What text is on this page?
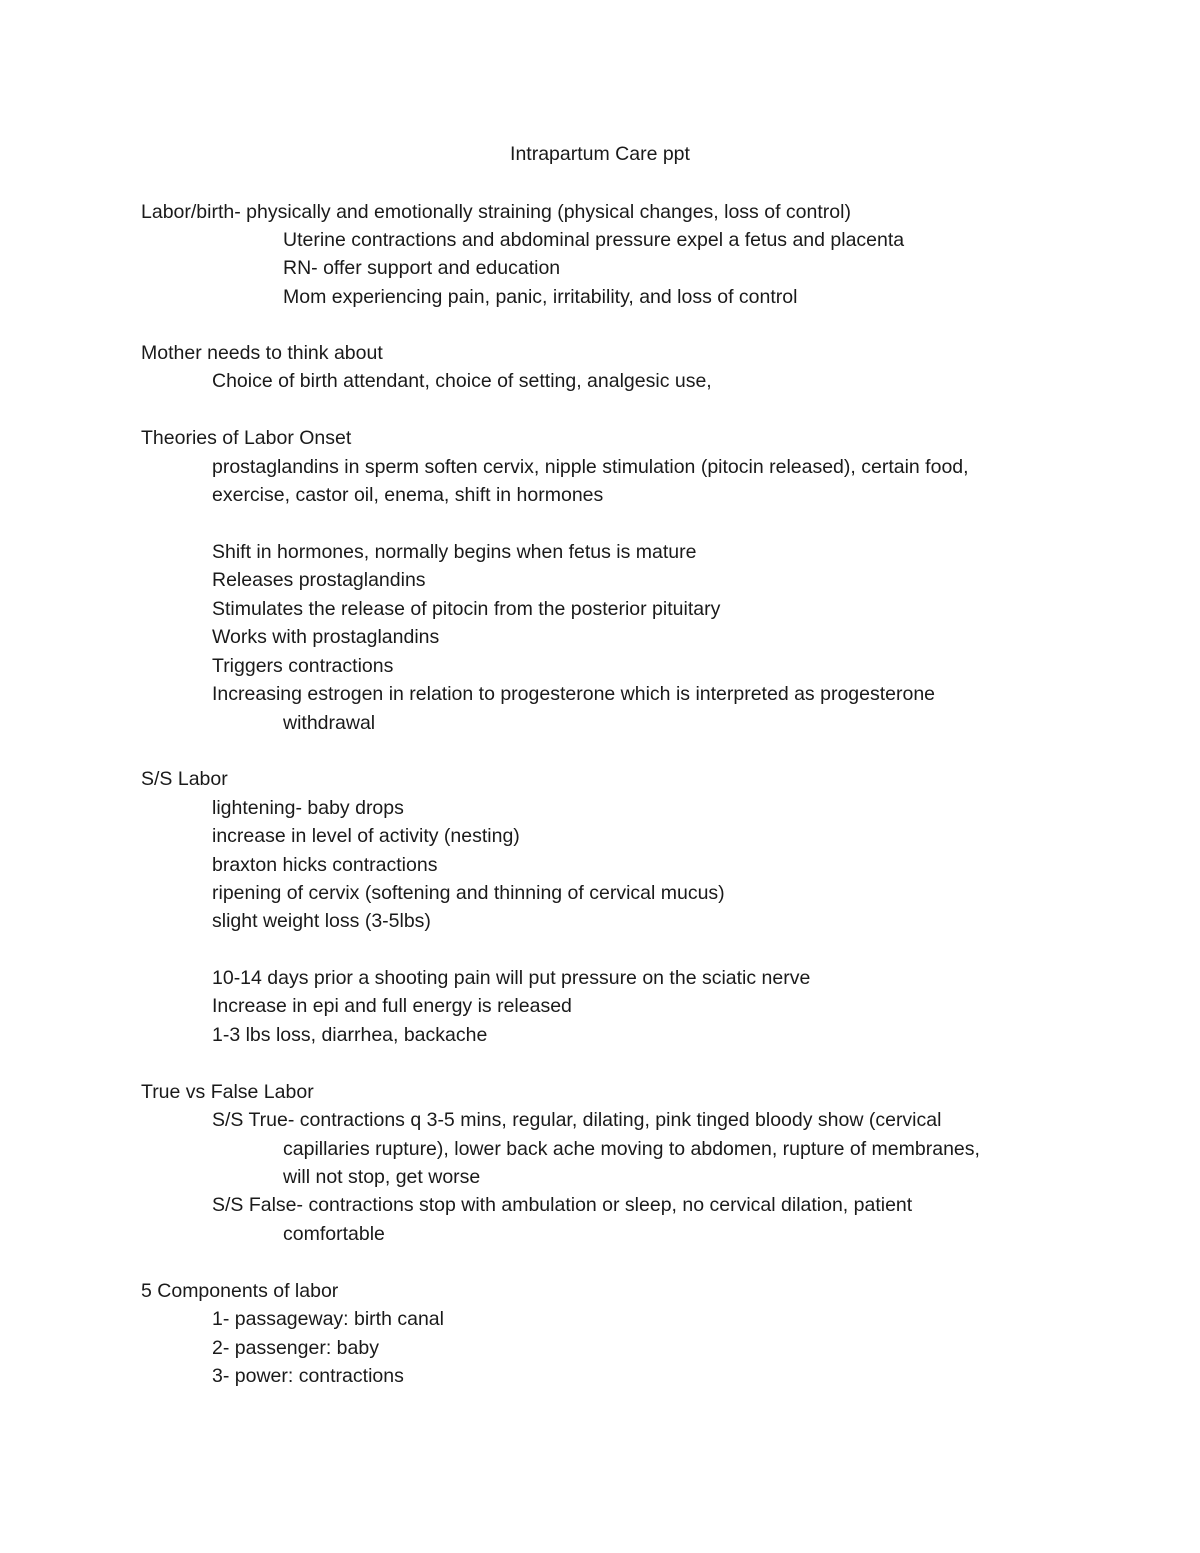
Intrapartum Care ppt
Labor/birth- physically and emotionally straining (physical changes, loss of control)
Uterine contractions and abdominal pressure expel a fetus and placenta
RN- offer support and education
Mom experiencing pain, panic, irritability, and loss of control
Mother needs to think about
Choice of birth attendant, choice of setting, analgesic use,
Theories of Labor Onset
prostaglandins in sperm soften cervix, nipple stimulation (pitocin released), certain food,
exercise, castor oil, enema, shift in hormones
Shift in hormones, normally begins when fetus is mature
Releases prostaglandins
Stimulates the release of pitocin from the posterior pituitary
Works with prostaglandins
Triggers contractions
Increasing estrogen in relation to progesterone which is interpreted as progesterone
withdrawal
S/S Labor
lightening- baby drops
increase in level of activity (nesting)
braxton hicks contractions
ripening of cervix (softening and thinning of cervical mucus)
slight weight loss (3-5lbs)
10-14 days prior a shooting pain will put pressure on the sciatic nerve
Increase in epi and full energy is released
1-3 lbs loss, diarrhea, backache
True vs False Labor
S/S True- contractions q 3-5 mins, regular, dilating, pink tinged bloody show (cervical
capillaries rupture), lower back ache moving to abdomen, rupture of membranes,
will not stop, get worse
S/S False- contractions stop with ambulation or sleep, no cervical dilation, patient
comfortable
5 Components of labor
1- passageway: birth canal
2- passenger: baby
3- power: contractions
